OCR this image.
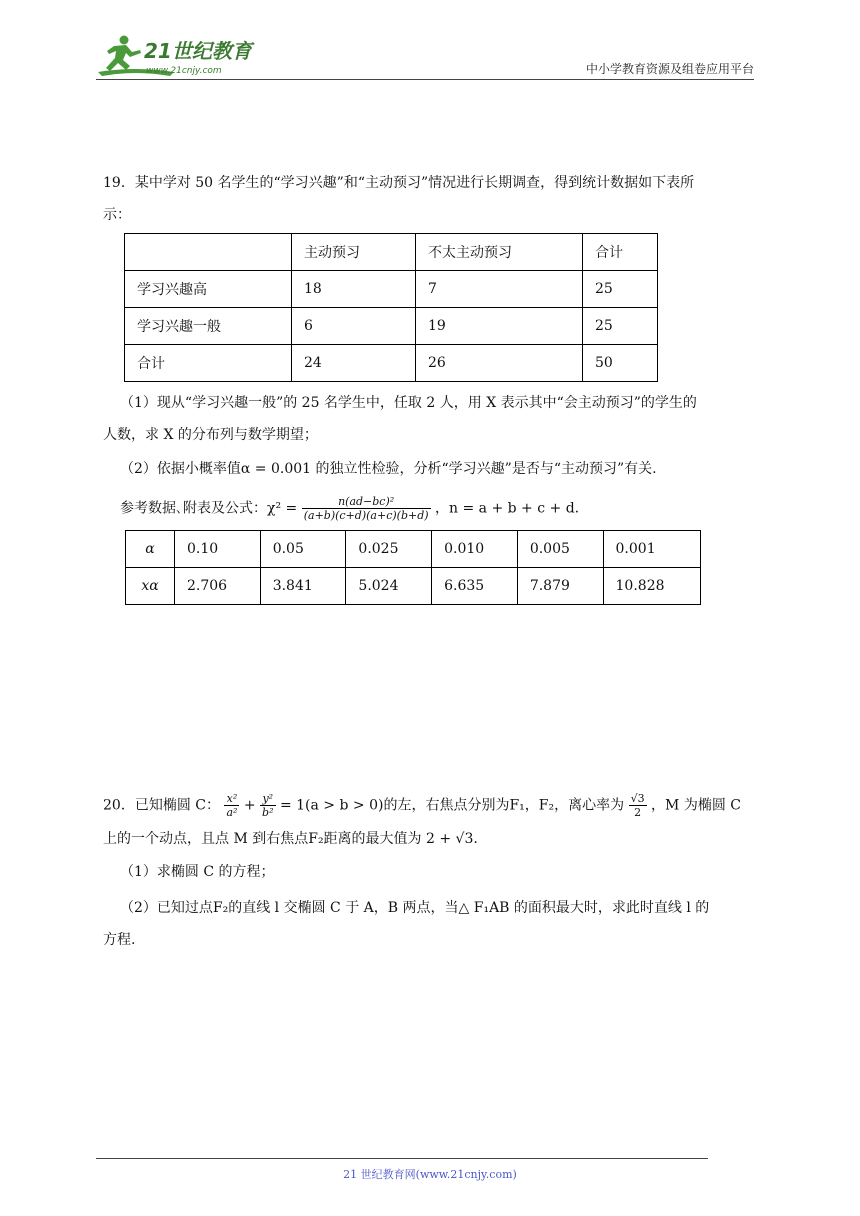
21世纪教育
www.21cnjy.com	中小学教育资源及组卷应用平台
19．某中学对 50 名学生的“学习兴趣”和“主动预习”情况进行长期调查，得到统计数据如下表所
示：
	主动预习	不太主动预习	合计
学习兴趣高	18	7	25
学习兴趣一般	6	19	25
合计	24	26	50
（1）现从“学习兴趣一般”的 25 名学生中，任取 2 人，用 X 表示其中“会主动预习”的学生的
人数，求 X 的分布列与数学期望；
（2）依据小概率值α = 0.001 的独立性检验，分析“学习兴趣”是否与“主动预习”有关.
参考数据､附表及公式：$\chi^2 = \frac{\text{n(ad−bc)²}}{(a+b)(c+d)(a+c)(b+d)}$ ，n = a + b + c + d.
α	0.10	0.05	0.025	0.010	0.005	0.001
xα	2.706	3.841	5.024	6.635	7.879	10.828
20．已知椭圆 C： $\frac{\text{x²}}{\text{a²}} + \frac{\text{y²}}{\text{b²}} = 1(a > b > 0)$的左，右焦点分别为F₁，F₂，离心率为 $\frac{√3}{2}$ ，M 为椭圆 C
上的一个动点，且点 M 到右焦点F₂距离的最大值为 2 + √3.
（1）求椭圆 C 的方程；
（2）已知过点F₂的直线 l 交椭圆 C 于 A，B 两点，当△ F₁AB 的面积最大时，求此时直线 l 的
方程.
21 世纪教育网(www.21cnjy.com)
